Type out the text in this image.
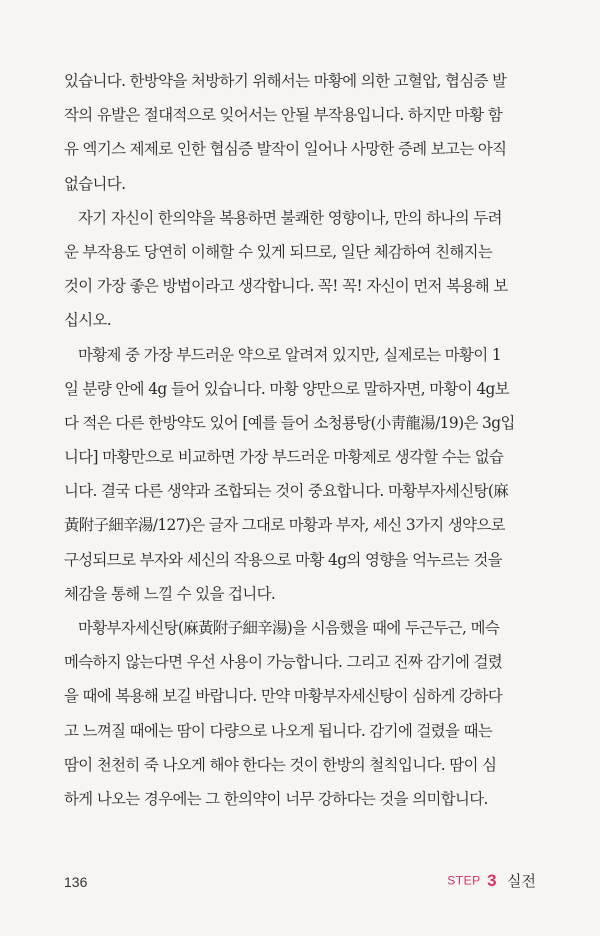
있습니다. 한방약을 처방하기 위해서는 마황에 의한 고혈압, 협심증 발
작의 유발은 절대적으로 잊어서는 안될 부작용입니다. 하지만 마황 함
유 엑기스 제제로 인한 협심증 발작이 일어나 사망한 증례 보고는 아직
없습니다.
자기 자신이 한의약을 복용하면 불쾌한 영향이나, 만의 하나의 두려
운 부작용도 당연히 이해할 수 있게 되므로, 일단 체감하여 친해지는
것이 가장 좋은 방법이라고 생각합니다. 꼭! 꼭! 자신이 먼저 복용해 보
십시오.
마황제 중 가장 부드러운 약으로 알려져 있지만, 실제로는 마황이 1
일 분량 안에 4g 들어 있습니다. 마황 양만으로 말하자면, 마황이 4g보
다 적은 다른 한방약도 있어 [예를 들어 소청룡탕(小靑龍湯/19)은 3g입
니다] 마황만으로 비교하면 가장 부드러운 마황제로 생각할 수는 없습
니다. 결국 다른 생약과 조합되는 것이 중요합니다. 마황부자세신탕(麻
黃附子細辛湯/127)은 글자 그대로 마황과 부자, 세신 3가지 생약으로
구성되므로 부자와 세신의 작용으로 마황 4g의 영향을 억누르는 것을
체감을 통해 느낄 수 있을 겁니다.
마황부자세신탕(麻黃附子細辛湯)을 시음했을 때에 두근두근, 메슥
메슥하지 않는다면 우선 사용이 가능합니다. 그리고 진짜 감기에 걸렸
을 때에 복용해 보길 바랍니다. 만약 마황부자세신탕이 심하게 강하다
고 느껴질 때에는 땀이 다량으로 나오게 됩니다. 감기에 걸렸을 때는
땀이 천천히 죽 나오게 해야 한다는 것이 한방의 철칙입니다. 땀이 심
하게 나오는 경우에는 그 한의약이 너무 강하다는 것을 의미합니다.
136	STEP 3 실전
